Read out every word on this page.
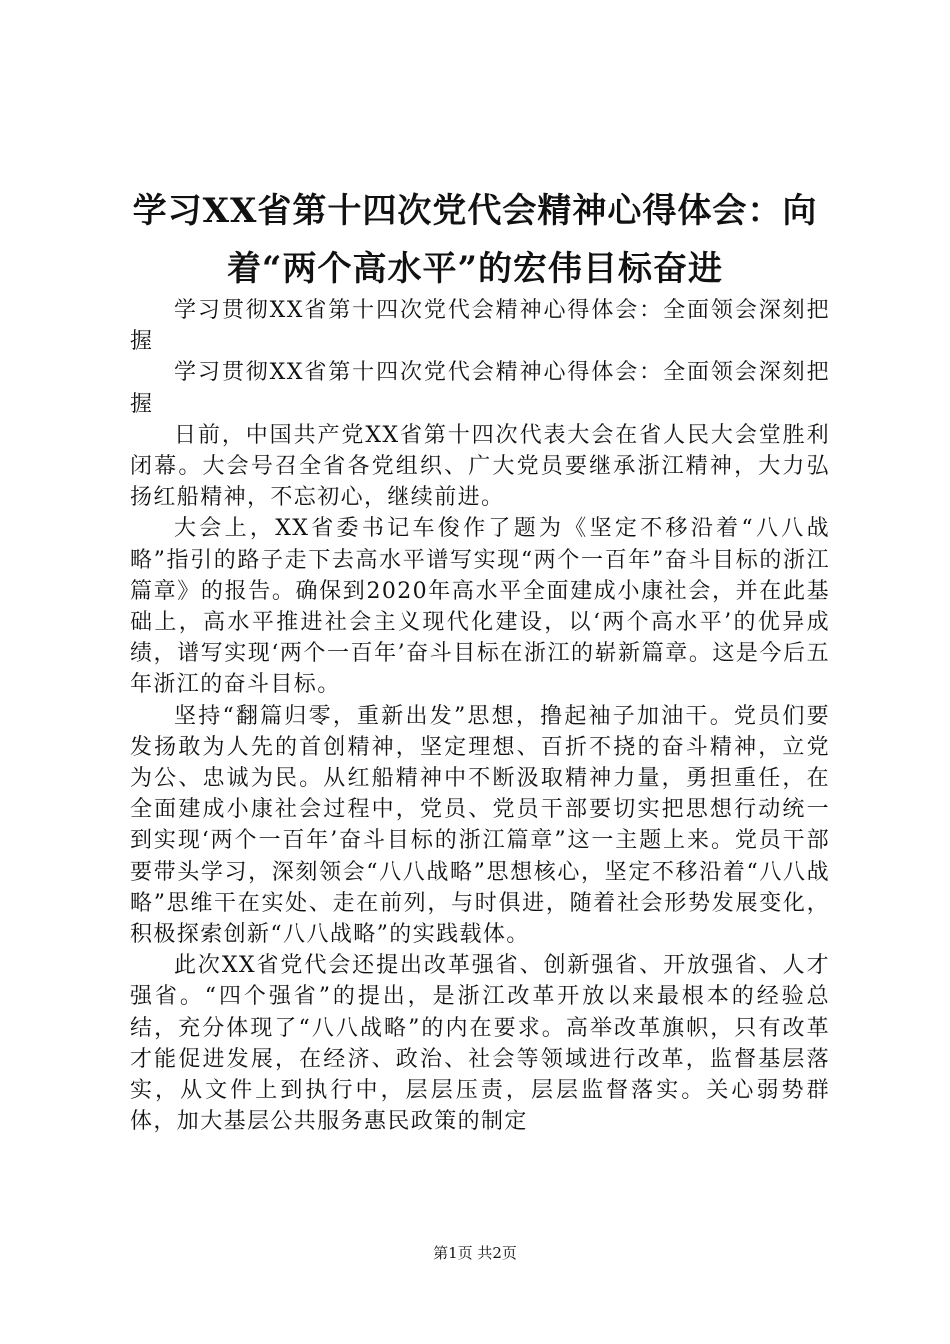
学习XX省第十四次党代会精神心得体会：向着“两个高水平”的宏伟目标奋进

学习贯彻XX省第十四次党代会精神心得体会：全面领会深刻把握

学习贯彻XX省第十四次党代会精神心得体会：全面领会深刻把握

日前，中国共产党XX省第十四次代表大会在省人民大会堂胜利闭幕。大会号召全省各党组织、广大党员要继承浙江精神，大力弘扬红船精神，不忘初心，继续前进。

大会上，XX省委书记车俊作了题为《坚定不移沿着“八八战略”指引的路子走下去高水平谱写实现“两个一百年”奋斗目标的浙江篇章》的报告。确保到2020年高水平全面建成小康社会，并在此基础上，高水平推进社会主义现代化建设，以‘两个高水平’的优异成绩，谱写实现‘两个一百年’奋斗目标在浙江的崭新篇章。这是今后五年浙江的奋斗目标。

坚持“翻篇归零，重新出发”思想，撸起袖子加油干。党员们要发扬敢为人先的首创精神，坚定理想、百折不挠的奋斗精神，立党为公、忠诚为民。从红船精神中不断汲取精神力量，勇担重任，在全面建成小康社会过程中，党员、党员干部要切实把思想行动统一到实现‘两个一百年’奋斗目标的浙江篇章”这一主题上来。党员干部要带头学习，深刻领会“八八战略”思想核心，坚定不移沿着“八八战略”思维干在实处、走在前列，与时俱进，随着社会形势发展变化，积极探索创新“八八战略”的实践载体。

此次XX省党代会还提出改革强省、创新强省、开放强省、人才强省。“四个强省”的提出，是浙江改革开放以来最根本的经验总结，充分体现了“八八战略”的内在要求。高举改革旗帜，只有改革才能促进发展，在经济、政治、社会等领域进行改革，监督基层落实，从文件上到执行中，层层压责，层层监督落实。关心弱势群体，加大基层公共服务惠民政策的制定

第1页 共2页
